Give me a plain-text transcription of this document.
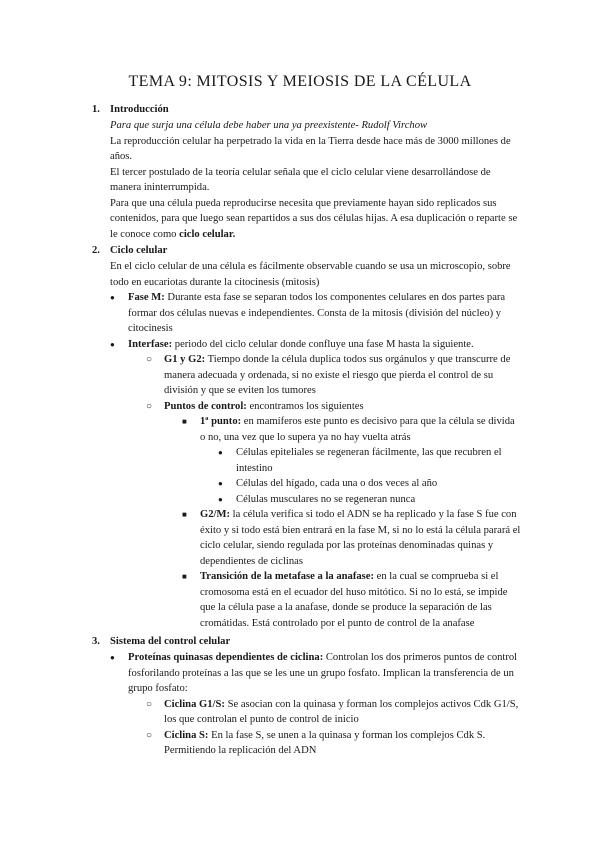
TEMA 9: MITOSIS Y MEIOSIS DE LA CÉLULA
1. Introducción

Para que surja una célula debe haber una ya preexistente- Rudolf Virchow

La reproducción celular ha perpetrado la vida en la Tierra desde hace más de 3000 millones de años.

El tercer postulado de la teoría celular señala que el ciclo celular viene desarrollándose de manera ininterrumpida.

Para que una célula pueda reproducirse necesita que previamente hayan sido replicados sus contenidos, para que luego sean repartidos a sus dos células hijas. A esa duplicación o reparte se le conoce como ciclo celular.

2. Ciclo celular

En el ciclo celular de una célula es fácilmente observable cuando se usa un microscopio, sobre todo en eucariotas durante la citocinesis (mitosis)

● Fase M: Durante esta fase se separan todos los componentes celulares en dos partes para formar dos células nuevas e independientes. Consta de la mitosis (división del núcleo) y citocinesis
● Interfase: periodo del ciclo celular donde confluye una fase M hasta la siguiente.
○ G1 y G2: Tiempo donde la célula duplica todos sus orgánulos y que transcurre de manera adecuada y ordenada, si no existe el riesgo que pierda el control de su división y que se eviten los tumores
○ Puntos de control: encontramos los siguientes
■ 1ª punto: en mamíferos este punto es decisivo para que la célula se divida o no, una vez que lo supera ya no hay vuelta atrás
● Células epiteliales se regeneran fácilmente, las que recubren el intestino
● Células del hígado, cada una o dos veces al año
● Células musculares no se regeneran nunca
■ G2/M: la célula verifica si todo el ADN se ha replicado y la fase S fue con éxito y si todo está bien entrará en la fase M, si no lo está la célula parará el ciclo celular, siendo regulada por las proteínas denominadas quinas y dependientes de ciclinas
■ Transición de la metafase a la anafase: en la cual se comprueba si el cromosoma está en el ecuador del huso mitótico. Si no lo está, se impide que la célula pase a la anafase, donde se produce la separación de las cromátidas. Está controlado por el punto de control de la anafase
3. Sistema del control celular
● Proteínas quinasas dependientes de ciclina: Controlan los dos primeros puntos de control fosforilando proteínas a las que se les une un grupo fosfato. Implican la transferencia de un grupo fosfato:
○ Ciclina G1/S: Se asocian con la quinasa y forman los complejos activos Cdk G1/S, los que controlan el punto de control de inicio
○ Ciclina S: En la fase S, se unen a la quinasa y forman los complejos Cdk S. Permitiendo la replicación del ADN
